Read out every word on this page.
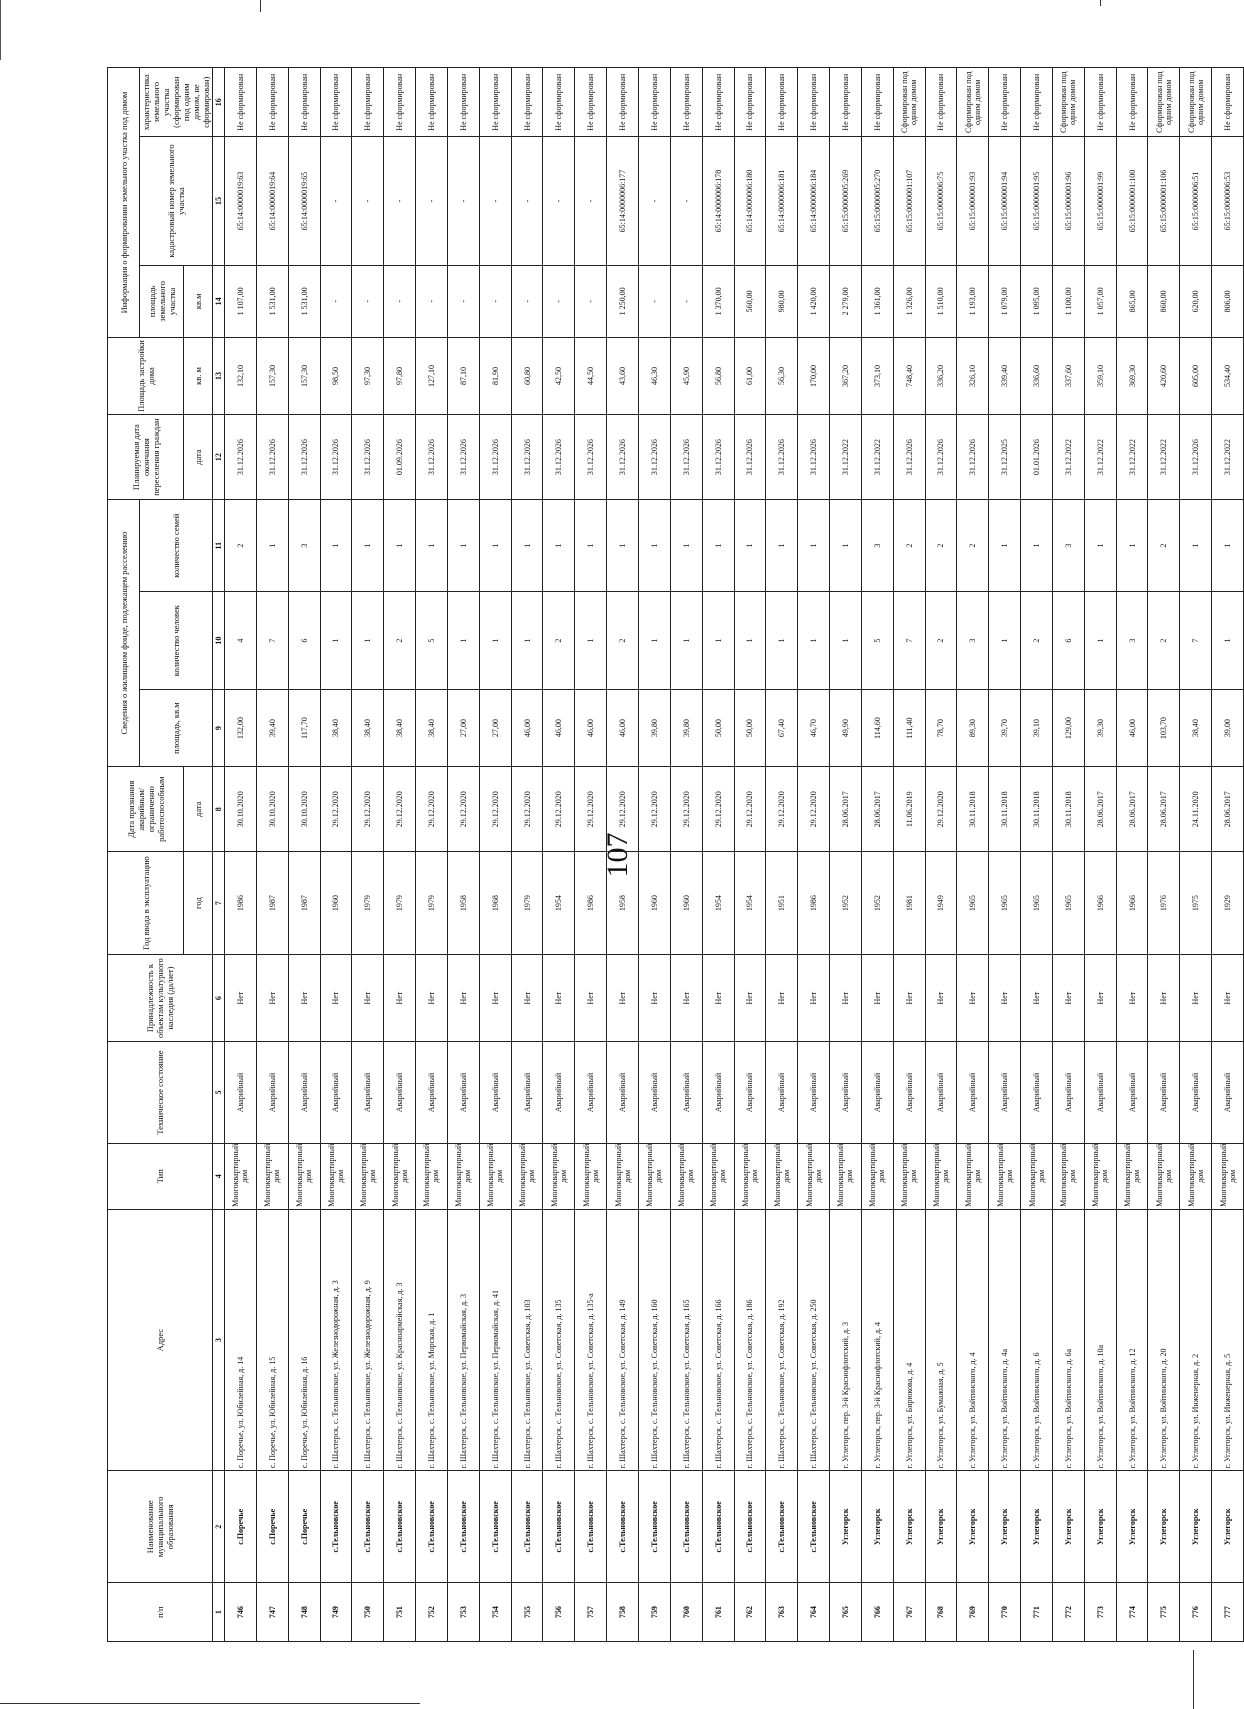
107
п/п	Наименование муниципального образования	Адрес	Тип	Техническое состояние	Принадлежность к объектам культурного наследия (да/нет)	Год ввода в эксплуатацию	Дата признания аварийным/ограниченно работоспособным	Сведения о жилищном фонде, подлежащем расселению			Планируемая дата окончания переселения граждан	Площадь застройки дома	Информация о формировании земельного участка под домом		
								площадь, кв.м	количество человек	количество семей			площадь земельного участка	кадастровый номер земельного участка	характеристика земельного участка (сформирован под одним домом, не сформирован)
						год	дата				дата	кв. м	кв.м		
1	2	3	4	5	6	7	8	9	10	11	12	13	14	15	16
746	с.Поречье	с. Поречье, ул. Юбилейная, д. 14	Многоквартирный дом	Аварийный	Нет	1986	30.10.2020	132,00	4	2	31.12.2026	132,10	1 107,00	65:14:0000019:63	Не сформирован
747	с.Поречье	с. Поречье, ул. Юбилейная, д. 15	Многоквартирный дом	Аварийный	Нет	1987	30.10.2020	39,40	7	1	31.12.2026	157,30	1 531,00	65:14:0000019:64	Не сформирован
748	с.Поречье	с. Поречье, ул. Юбилейная, д. 16	Многоквартирный дом	Аварийный	Нет	1987	30.10.2020	117,70	6	3	31.12.2026	157,30	1 531,00	65:14:0000019:65	Не сформирован
749	с.Тельновское	г. Шахтерск, с. Тельновское, ул. Железнодорожная, д. 3	Многоквартирный дом	Аварийный	Нет	1960	29.12.2020	38,40	1	1	31.12.2026	98,50	-	-	Не сформирован
750	с.Тельновское	г. Шахтерск, с. Тельновское, ул. Железнодорожная, д. 9	Многоквартирный дом	Аварийный	Нет	1979	29.12.2020	38,40	1	1	31.12.2026	97,30	-	-	Не сформирован
751	с.Тельновское	г. Шахтерск, с. Тельновское, ул. Красноармейская, д. 3	Многоквартирный дом	Аварийный	Нет	1979	29.12.2020	38,40	2	1	01.09.2026	97,80	-	-	Не сформирован
752	с.Тельновское	г. Шахтерск, с. Тельновское, ул. Морская, д. 1	Многоквартирный дом	Аварийный	Нет	1979	29.12.2020	38,40	5	1	31.12.2026	127,10	-	-	Не сформирован
753	с.Тельновское	г. Шахтерск, с. Тельновское, ул. Первомайская, д. 3	Многоквартирный дом	Аварийный	Нет	1958	29.12.2020	27,00	1	1	31.12.2026	87,10	-	-	Не сформирован
754	с.Тельновское	г. Шахтерск, с. Тельновское, ул. Первомайская, д. 41	Многоквартирный дом	Аварийный	Нет	1968	29.12.2020	27,00	1	1	31.12.2026	81,90	-	-	Не сформирован
755	с.Тельновское	г. Шахтерск, с. Тельновское, ул. Советская, д. 103	Многоквартирный дом	Аварийный	Нет	1979	29.12.2020	46,00	1	1	31.12.2026	60,80	-	-	Не сформирован
756	с.Тельновское	г. Шахтерск, с. Тельновское, ул. Советская, д. 135	Многоквартирный дом	Аварийный	Нет	1954	29.12.2020	46,00	2	1	31.12.2026	42,50	-	-	Не сформирован
757	с.Тельновское	г. Шахтерск, с. Тельновское, ул. Советская, д. 135-а	Многоквартирный дом	Аварийный	Нет	1986	29.12.2020	46,00	1	1	31.12.2026	44,50	-	-	Не сформирован
758	с.Тельновское	г. Шахтерск, с. Тельновское, ул. Советская, д. 149	Многоквартирный дом	Аварийный	Нет	1958	29.12.2020	46,00	2	1	31.12.2026	43,60	1 250,00	65:14:0000006:177	Не сформирован
759	с.Тельновское	г. Шахтерск, с. Тельновское, ул. Советская, д. 160	Многоквартирный дом	Аварийный	Нет	1960	29.12.2020	39,80	1	1	31.12.2026	46,30	-	-	Не сформирован
760	с.Тельновское	г. Шахтерск, с. Тельновское, ул. Советская, д. 165	Многоквартирный дом	Аварийный	Нет	1960	29.12.2020	39,80	1	1	31.12.2026	45,90	-	-	Не сформирован
761	с.Тельновское	г. Шахтерск, с. Тельновское, ул. Советская, д. 166	Многоквартирный дом	Аварийный	Нет	1954	29.12.2020	50,00	1	1	31.12.2026	56,80	1 370,00	65:14:0000006:178	Не сформирован
762	с.Тельновское	г. Шахтерск, с. Тельновское, ул. Советская, д. 186	Многоквартирный дом	Аварийный	Нет	1954	29.12.2020	50,00	1	1	31.12.2026	61,00	560,00	65:14:0000006:180	Не сформирован
763	с.Тельновское	г. Шахтерск, с. Тельновское, ул. Советская, д. 192	Многоквартирный дом	Аварийный	Нет	1951	29.12.2020	67,40	1	1	31.12.2026	56,30	980,00	65:14:0000006:181	Не сформирован
764	с.Тельновское	г. Шахтерск, с. Тельновское, ул. Советская, д. 250	Многоквартирный дом	Аварийный	Нет	1986	29.12.2020	46,70	1	1	31.12.2026	170,00	1 420,00	65:14:0000006:184	Не сформирован
765	Углегорск	г. Углегорск, пер. 3-й Краснофлотский, д. 3	Многоквартирный дом	Аварийный	Нет	1952	28.06.2017	49,90	1	1	31.12.2022	367,20	2 279,00	65:15:0000005:269	Не сформирован
766	Углегорск	г. Углегорск, пер. 3-й Краснофлотский, д. 4	Многоквартирный дом	Аварийный	Нет	1952	28.06.2017	114,60	5	3	31.12.2022	373,10	1 361,00	65:15:0000005:270	Не сформирован
767	Углегорск	г. Углегорск, ул. Бирюкова, д. 4	Многоквартирный дом	Аварийный	Нет	1981	11.06.2019	111,40	7	2	31.12.2026	748,40	1 326,00	65:15:0000001:107	Сформирован под одним домом
768	Углегорск	г. Углегорск, ул. Бумажная, д. 5	Многоквартирный дом	Аварийный	Нет	1949	29.12.2020	78,70	2	2	31.12.2026	336,20	1 510,00	65:15:0000006:75	Не сформирован
769	Углегорск	г. Углегорск, ул. Войтинского, д. 4	Многоквартирный дом	Аварийный	Нет	1965	30.11.2018	89,30	3	2	31.12.2026	326,10	1 193,00	65:15:0000001:93	Сформирован под одним домом
770	Углегорск	г. Углегорск, ул. Войтинского, д. 4а	Многоквартирный дом	Аварийный	Нет	1965	30.11.2018	39,70	1	1	31.12.2025	339,40	1 079,00	65:15:0000001:94	Не сформирован
771	Углегорск	г. Углегорск, ул. Войтинского, д. 6	Многоквартирный дом	Аварийный	Нет	1965	30.11.2018	39,10	2	1	01.01.2026	336,60	1 095,00	65:15:0000001:95	Не сформирован
772	Углегорск	г. Углегорск, ул. Войтинского, д. 6а	Многоквартирный дом	Аварийный	Нет	1965	30.11.2018	129,00	6	3	31.12.2022	337,60	1 100,00	65:15:0000001:96	Сформирован под одним домом
773	Углегорск	г. Углегорск, ул. Войтинского, д. 10а	Многоквартирный дом	Аварийный	Нет	1966	28.06.2017	39,30	1	1	31.12.2022	359,10	1 057,00	65:15:0000001:99	Не сформирован
774	Углегорск	г. Углегорск, ул. Войтинского, д. 12	Многоквартирный дом	Аварийный	Нет	1966	28.06.2017	46,00	3	1	31.12.2022	369,30	865,00	65:15:0000001:100	Не сформирован
775	Углегорск	г. Углегорск, ул. Войтинского, д. 20	Многоквартирный дом	Аварийный	Нет	1976	28.06.2017	103,70	2	2	31.12.2022	420,60	860,00	65:15:0000001:106	Сформирован под одним домом
776	Углегорск	г. Углегорск, ул. Инженерная, д. 2	Многоквартирный дом	Аварийный	Нет	1975	24.11.2020	38,40	7	1	31.12.2026	605,00	620,00	65:15:0000006:51	Сформирован под одним домом
777	Углегорск	г. Углегорск, ул. Инженерная, д. 5	Многоквартирный дом	Аварийный	Нет	1929	28.06.2017	39,00	1	1	31.12.2022	534,40	806,00	65:15:0000006:53	Не сформирован
